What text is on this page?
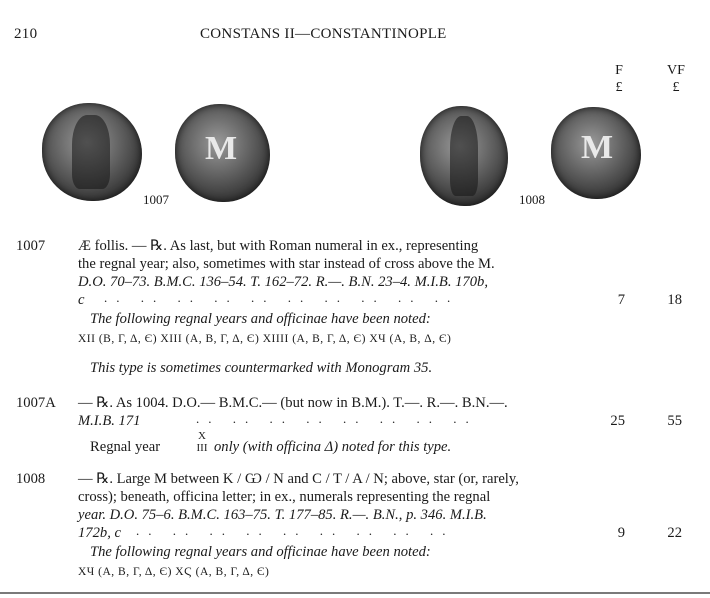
210	CONSTANS II—CONSTANTINOPLE
F
£
VF
£
M
1007
M
1008
1007 Æ follis. — ℞. As last, but with Roman numeral in ex., representing
the regnal year; also, sometimes with star instead of cross above the M.
D.O. 70–73. B.M.C. 136–54. T. 162–72. R.—. B.N. 23–4. M.I.B. 170b,
c .. .. .. .. .. .. .. .. .. ..	7	18
The following regnal years and officinae have been noted:
XII (B, Γ, Δ, Є) XIII (A, B, Γ, Δ, Є) XIIII (A, B, Γ, Δ, Є) XЧ (A, B, Δ, Є)
This type is sometimes countermarked with Monogram 35.
1007A — ℞. As 1004. D.O.— B.M.C.— (but now in B.M.). T.—. R.—. B.N.—.
M.I.B. 171	.. .. .. .. .. .. .. ..	25	55
Regnal year
X
III only (with officina Δ) noted for this type.
1008 — ℞. Large M between K / Ѡ / N and C / T / A / N; above, star (or, rarely,
cross); beneath, officina letter; in ex., numerals representing the regnal
year. D.O. 75–6. B.M.C. 163–75. T. 177–85. R.—. B.N., p. 346. M.I.B.
172b, c .. .. .. .. .. .. .. .. ..	9	22
The following regnal years and officinae have been noted:
XЧ (A, B, Γ, Δ, Є) XϚ (A, B, Γ, Δ, Є)
